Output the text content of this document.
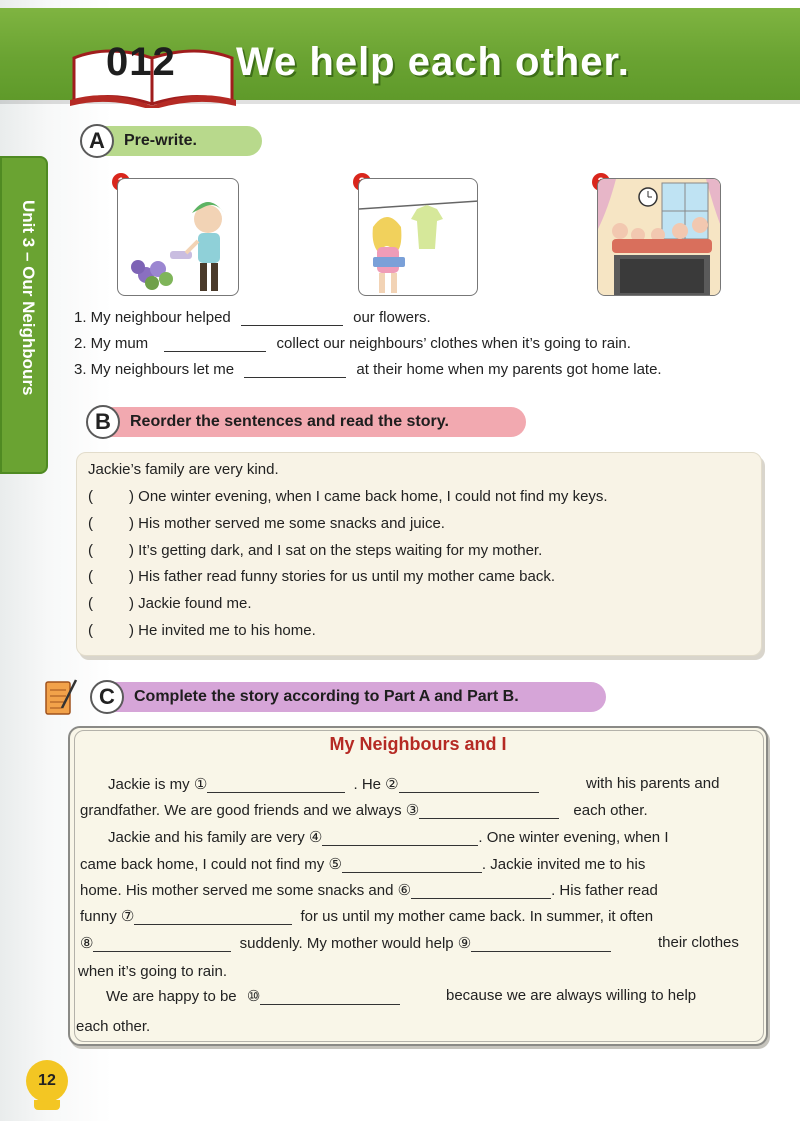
012 We help each other.
Unit 3 – Our Neighbours
A	Pre-write.
1. My neighbour helped	our flowers.
2. My mum	collect our neighbours’ clothes when it’s going to rain.
3. My neighbours let me	at their home when my parents got home late.
B	Reorder the sentences and read the story.
Jackie’s family are very kind.
( ) One winter evening, when I came back home, I could not find my keys.
( ) His mother served me some snacks and juice.
( ) It’s getting dark, and I sat on the steps waiting for my mother.
( ) His father read funny stories for us until my mother came back.
( ) Jackie found me.
( ) He invited me to his home.
C	Complete the story according to Part A and Part B.
My Neighbours and I
Jackie is my ①	. He ②	with his parents and
grandfather. We are good friends and we always ③	each other.
Jackie and his family are very ④	. One winter evening, when I
came back home, I could not find my ⑤	. Jackie invited me to his
home. His mother served me some snacks and ⑥	. His father read
funny ⑦	for us until my mother came back. In summer, it often
⑧	suddenly. My mother would help ⑨	their clothes
when it’s going to rain.
We are happy to be ⑩	because we are always willing to help
each other.
12
